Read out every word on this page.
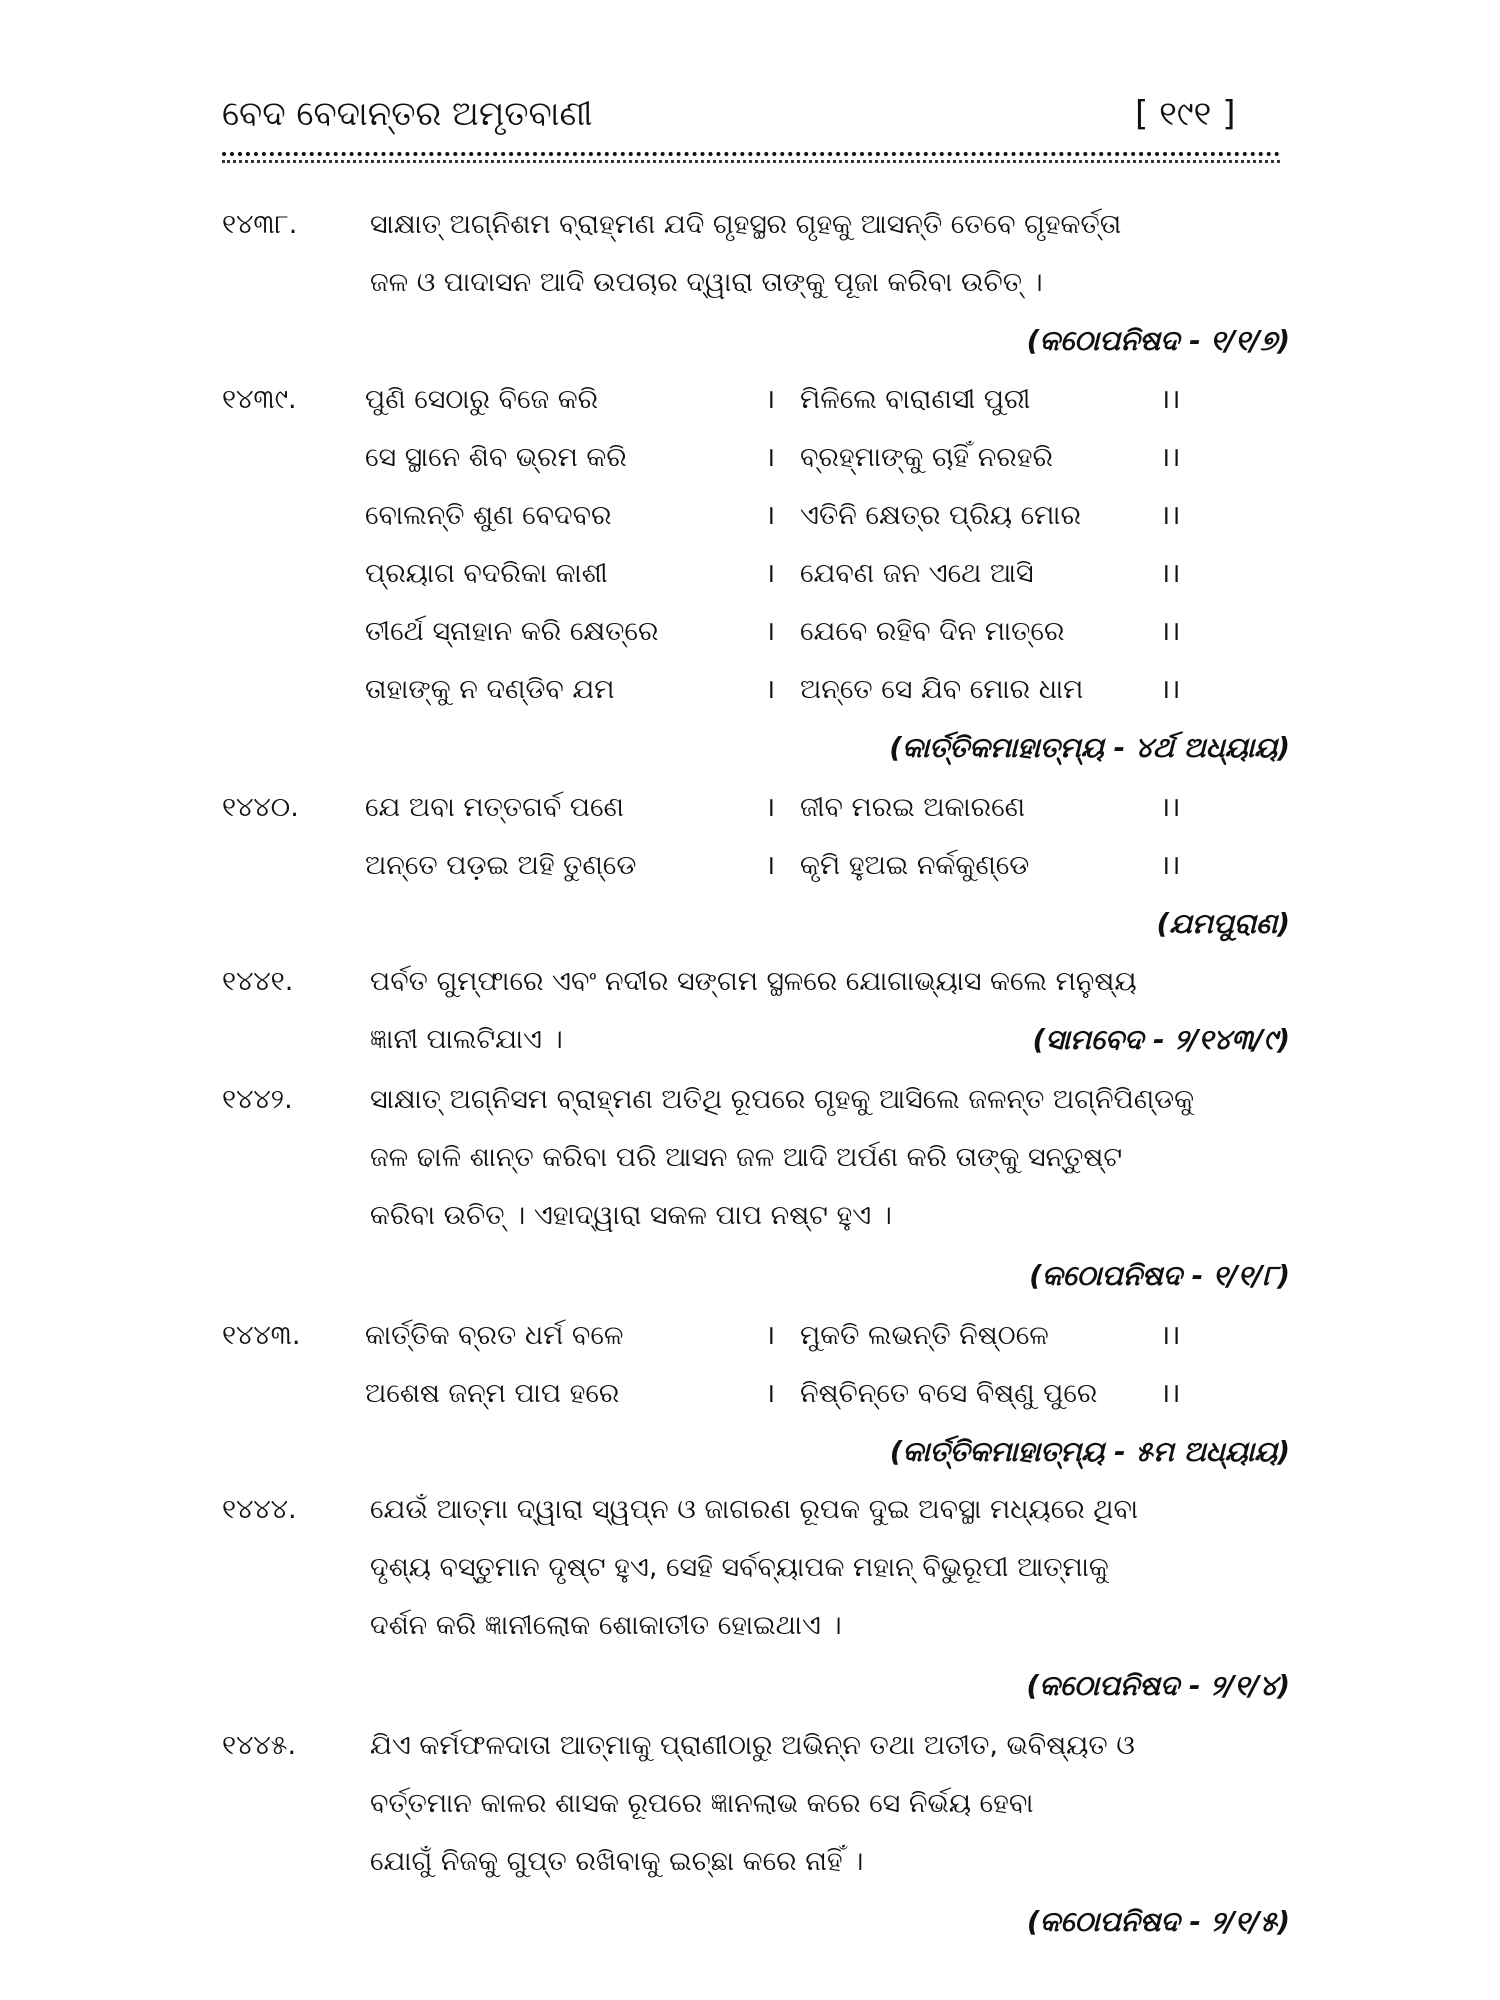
ବେଦ ବେଦାନ୍ତର ଅମୃତବାଣୀ	[ ୧୯୧ ]
୧୪୩୮.	ସାକ୍ଷାତ୍ ଅଗ୍ନିଶମ ବ୍ରାହ୍ମଣ ଯଦି ଗୃହସ୍ଥର ଗୃହକୁ ଆସନ୍ତି ତେବେ ଗୃହକର୍ତ୍ତା
ଜଳ ଓ ପାଦାସନ ଆଦି ଉପଚାର ଦ୍ୱାରା ତାଙ୍କୁ ପୂଜା କରିବା ଉଚିତ୍ ।
(କଠୋପନିଷଦ - ୧/୧/୭)
୧୪୩୯.	ପୁଣି ସେଠାରୁ ବିଜେ କରି	। ମିଳିଲେ ବାରାଣସୀ ପୁରୀ	।।
ସେ ସ୍ଥାନେ ଶିବ ଭ୍ରମ କରି	। ବ୍ରହ୍ମାଙ୍କୁ ଚାହିଁ ନରହରି	।।
ବୋଲନ୍ତି ଶୁଣ ବେଦବର	। ଏତିନି କ୍ଷେତ୍ର ପ୍ରିୟ ମୋର	।।
ପ୍ରୟାଗ ବଦରିକା କାଶୀ	। ଯେବଣ ଜନ ଏଥେ ଆସି	।।
ତୀର୍ଥେ ସ୍ନାହାନ କରି କ୍ଷେତ୍ରେ	। ଯେବେ ରହିବ ଦିନ ମାତ୍ରେ	।।
ତାହାଙ୍କୁ ନ ଦଣ୍ଡିବ ଯମ	। ଅନ୍ତେ ସେ ଯିବ ମୋର ଧାମ	।।
(କାର୍ତ୍ତିକମାହାତ୍ମ୍ୟ - ୪ର୍ଥ ଅଧ୍ୟାୟ)
୧୪୪୦. ଯେ ଅବା ମତ୍ତଗର୍ବ ପଣେ	। ଜୀବ ମରଇ ଅକାରଣେ	।।
ଅନ୍ତେ ପଡ଼ଇ ଅହି ତୁଣ୍ଡେ	। କୃମି ହୁଅଇ ନର୍କକୁଣ୍ଡେ	।।
(ଯମପୁରାଣ)
୧୪୪୧.	ପର୍ବତ ଗୁମ୍ଫାରେ ଏବଂ ନଦୀର ସଙ୍ଗମ ସ୍ଥଳରେ ଯୋଗାଭ୍ୟାସ କଲେ ମନୁଷ୍ୟ
ଜ୍ଞାନୀ ପାଲଟିଯାଏ ।	(ସାମବେଦ - ୨/୧୪୩/୯)
୧୪୪୨.	ସାକ୍ଷାତ୍ ଅଗ୍ନିସମ ବ୍ରାହ୍ମଣ ଅତିଥି ରୂପରେ ଗୃହକୁ ଆସିଲେ ଜଳନ୍ତ ଅଗ୍ନିପିଣ୍ଡକୁ
ଜଳ ଢାଳି ଶାନ୍ତ କରିବା ପରି ଆସନ ଜଳ ଆଦି ଅର୍ପଣ କରି ତାଙ୍କୁ ସନ୍ତୁଷ୍ଟ
କରିବା ଉଚିତ୍ । ଏହାଦ୍ୱାରା ସକଳ ପାପ ନଷ୍ଟ ହୁଏ ।
(କଠୋପନିଷଦ - ୧/୧/୮)
୧୪୪୩. କାର୍ତ୍ତିକ ବ୍ରତ ଧର୍ମ ବଳେ	। ମୁକତି ଲଭନ୍ତି ନିଷ୍ଠଳେ	।।
ଅଶେଷ ଜନ୍ମ ପାପ ହରେ	। ନିଷ୍ଚିନ୍ତେ ବସେ ବିଷ୍ଣୁ ପୁରେ	।।
(କାର୍ତ୍ତିକମାହାତ୍ମ୍ୟ - ୫ମ ଅଧ୍ୟାୟ)
୧୪୪୪.	ଯେଉଁ ଆତ୍ମା ଦ୍ୱାରା ସ୍ୱପ୍ନ ଓ ଜାଗରଣ ରୂପକ ଦୁଇ ଅବସ୍ଥା ମଧ୍ୟରେ ଥିବା
ଦୃଶ୍ୟ ବସ୍ତୁମାନ ଦୃଷ୍ଟ ହୁଏ, ସେହି ସର୍ବବ୍ୟାପକ ମହାନ୍ ବିଭୁରୂପୀ ଆତ୍ମାକୁ
ଦର୍ଶନ କରି ଜ୍ଞାନୀଲୋକ ଶୋକାତୀତ ହୋଇଥାଏ ।
(କଠୋପନିଷଦ - ୨/୧/୪)
୧୪୪୫.	ଯିଏ କର୍ମଫଳଦାତା ଆତ୍ମାକୁ ପ୍ରାଣୀଠାରୁ ଅଭିନ୍ନ ତଥା ଅତୀତ, ଭବିଷ୍ୟତ ଓ
ବର୍ତ୍ତମାନ କାଳର ଶାସକ ରୂପରେ ଜ୍ଞାନଲାଭ କରେ ସେ ନିର୍ଭୟ ହେବା
ଯୋଗୁଁ ନିଜକୁ ଗୁପ୍ତ ରଖିବାକୁ ଇଚ୍ଛା କରେ ନାହିଁ ।
(କଠୋପନିଷଦ - ୨/୧/୫)
